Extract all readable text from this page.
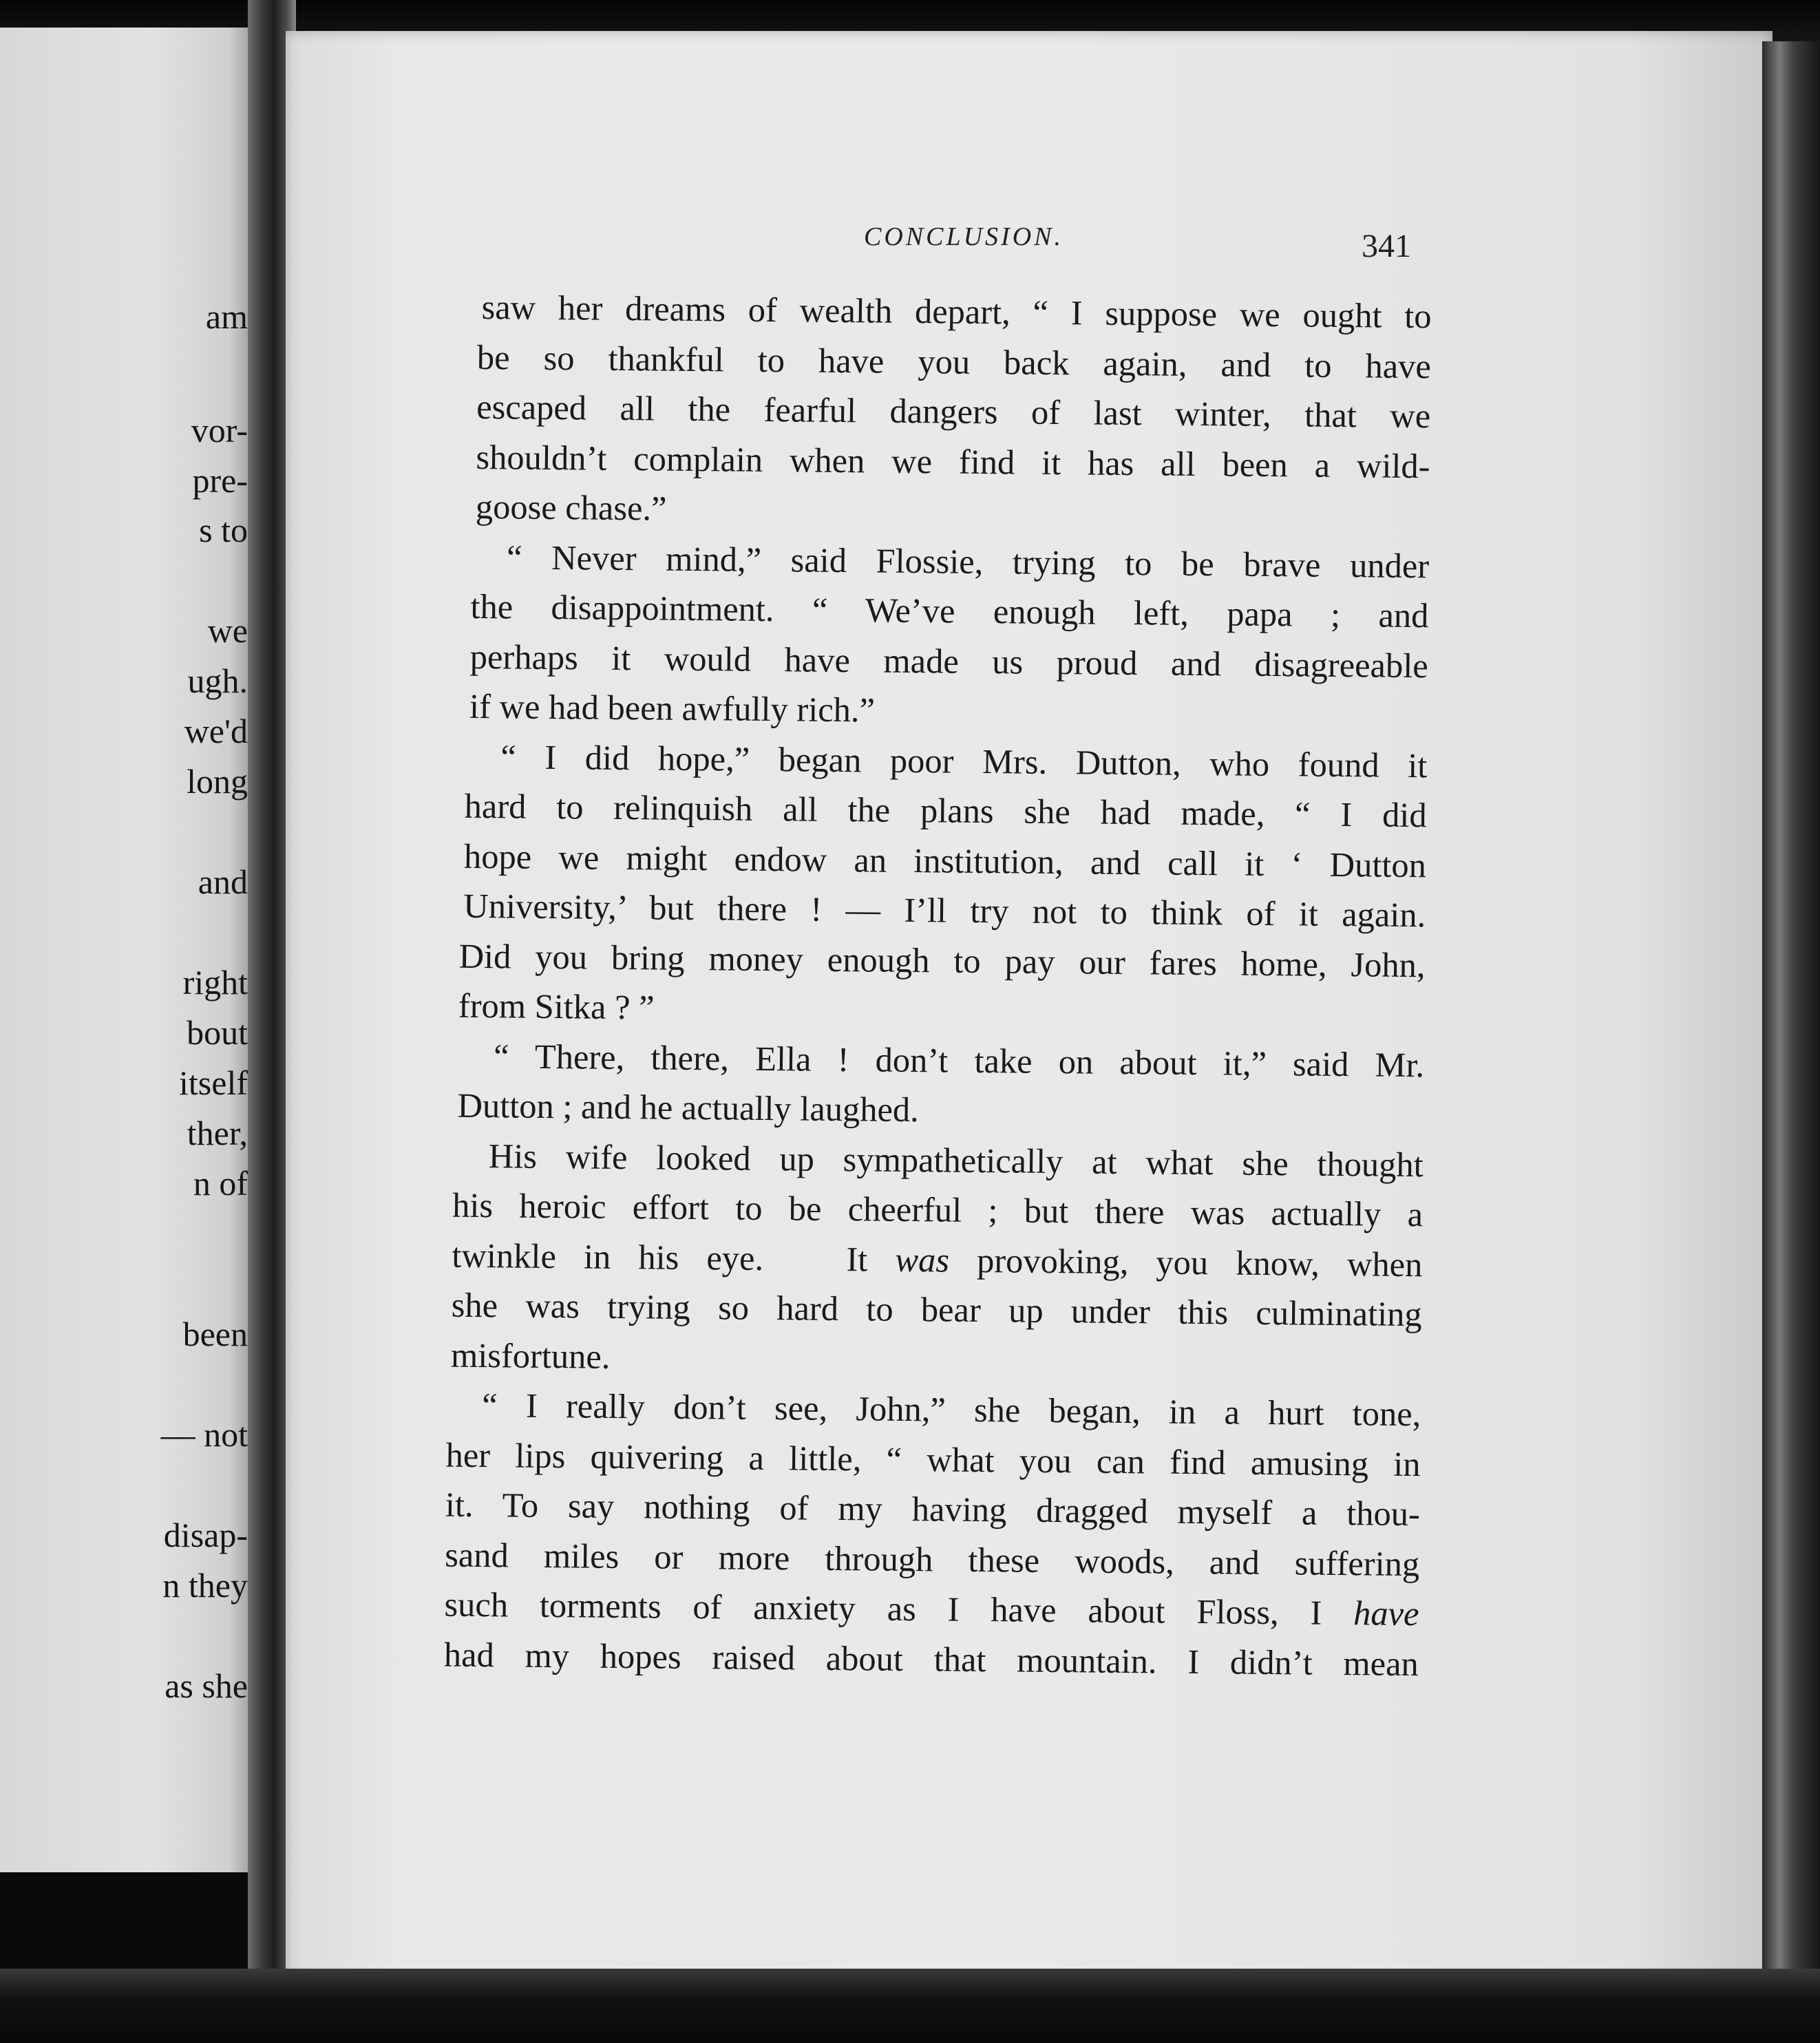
am
vor-
pre-
s to
we
ugh.
we'd
long
and
right
bout
itself
ther,
n of
been
— not
disap-
n they
as she
CONCLUSION.	341
saw her dreams of wealth depart, “ I suppose we ought to
be so thankful to have you back again, and to have
escaped all the fearful dangers of last winter, that we
shouldn’t complain when we find it has all been a wild-
goose chase.”
“ Never mind,” said Flossie, trying to be brave under
the disappointment. “ We’ve enough left, papa ; and
perhaps it would have made us proud and disagreeable
if we had been awfully rich.”
“ I did hope,” began poor Mrs. Dutton, who found it
hard to relinquish all the plans she had made, “ I did
hope we might endow an institution, and call it ‘ Dutton
University,’ but there ! — I’ll try not to think of it again.
Did you bring money enough to pay our fares home, John,
from Sitka ? ”
“ There, there, Ella ! don’t take on about it,” said Mr.
Dutton ; and he actually laughed.
His wife looked up sympathetically at what she thought
his heroic effort to be cheerful ; but there was actually a
twinkle in his eye. It was provoking, you know, when
she was trying so hard to bear up under this culminating
misfortune.
“ I really don’t see, John,” she began, in a hurt tone,
her lips quivering a little, “ what you can find amusing in
it. To say nothing of my having dragged myself a thou-
sand miles or more through these woods, and suffering
such torments of anxiety as I have about Floss, I have
had my hopes raised about that mountain. I didn’t mean
